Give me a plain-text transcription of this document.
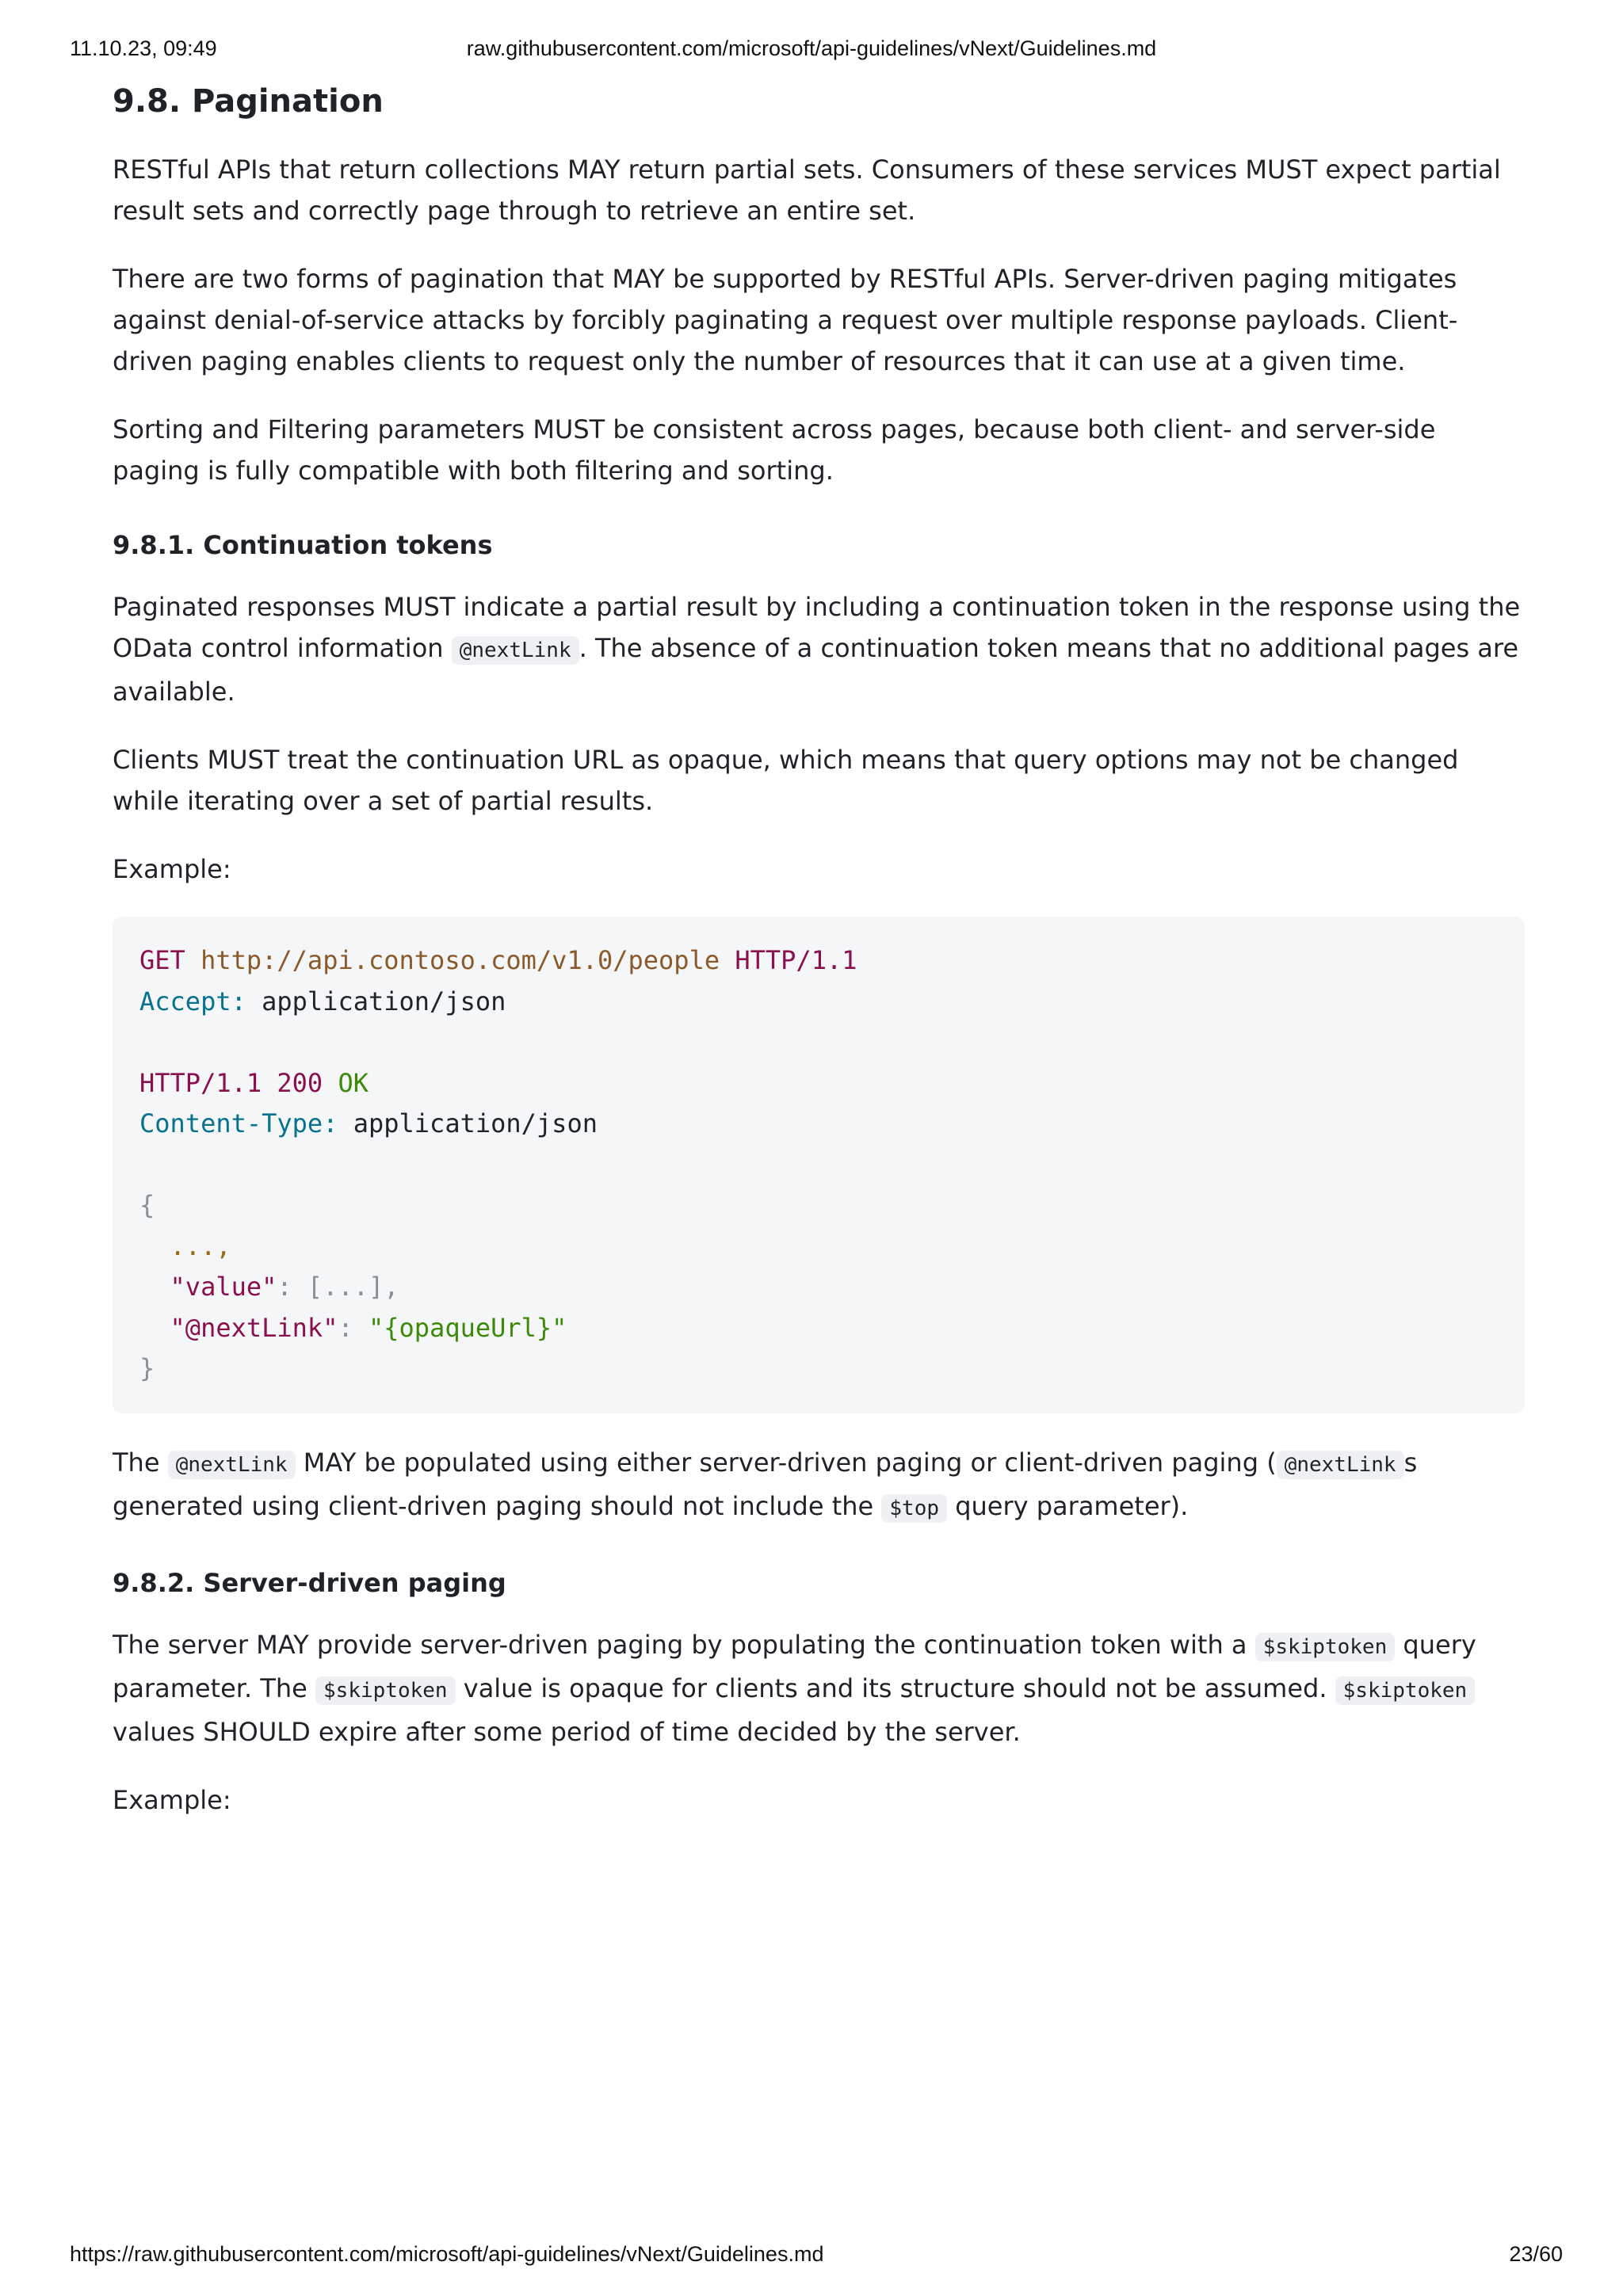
11.10.23, 09:49	raw.githubusercontent.com/microsoft/api-guidelines/vNext/Guidelines.md
9.8. Pagination

RESTful APIs that return collections MAY return partial sets. Consumers of these services MUST expect partial result sets and correctly page through to retrieve an entire set.

There are two forms of pagination that MAY be supported by RESTful APIs. Server-driven paging mitigates against denial-of-service attacks by forcibly paginating a request over multiple response payloads. Client-driven paging enables clients to request only the number of resources that it can use at a given time.

Sorting and Filtering parameters MUST be consistent across pages, because both client- and server-side paging is fully compatible with both filtering and sorting.

9.8.1. Continuation tokens

Paginated responses MUST indicate a partial result by including a continuation token in the response using the OData control information @nextLink . The absence of a continuation token means that no additional pages are available.

Clients MUST treat the continuation URL as opaque, which means that query options may not be changed while iterating over a set of partial results.

Example:

GET http://api.contoso.com/v1.0/people HTTP/1.1
Accept: application/json

HTTP/1.1 200 OK
Content-Type: application/json

{
...,
"value": [...],
"@nextLink": "{opaqueUrl}"
}

The @nextLink MAY be populated using either server-driven paging or client-driven paging ( @nextLink s generated using client-driven paging should not include the $top query parameter).

9.8.2. Server-driven paging

The server MAY provide server-driven paging by populating the continuation token with a $skiptoken query parameter. The $skiptoken value is opaque for clients and its structure should not be assumed. $skiptoken values SHOULD expire after some period of time decided by the server.

Example:

https://raw.githubusercontent.com/microsoft/api-guidelines/vNext/Guidelines.md	23/60
